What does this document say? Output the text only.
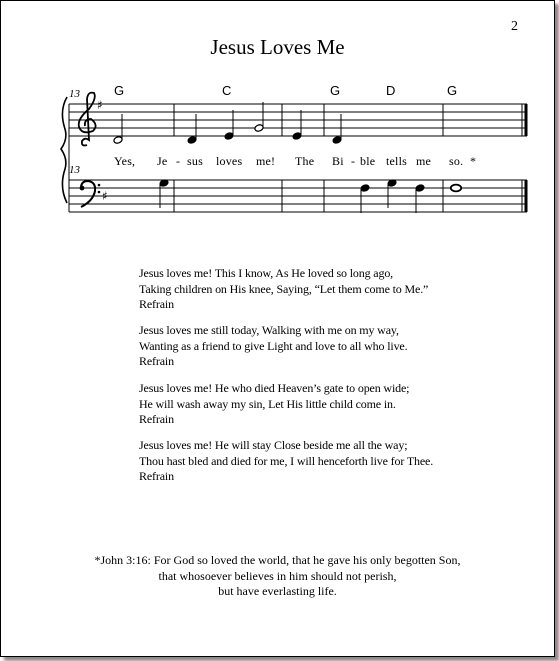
2
Jesus Loves Me
13
13
G	C	G	D	G
♯
♯
Yes, Je - sus loves me! The Bi - ble tells me so. *
Jesus loves me! This I know, As He loved so long ago,
Taking children on His knee, Saying, “Let them come to Me.”
Refrain
Jesus loves me still today, Walking with me on my way,
Wanting as a friend to give Light and love to all who live.
Refrain
Jesus loves me! He who died Heaven’s gate to open wide;
He will wash away my sin, Let His little child come in.
Refrain
Jesus loves me! He will stay Close beside me all the way;
Thou hast bled and died for me, I will henceforth live for Thee.
Refrain
*John 3:16: For God so loved the world, that he gave his only begotten Son,
that whosoever believes in him should not perish,
but have everlasting life.
